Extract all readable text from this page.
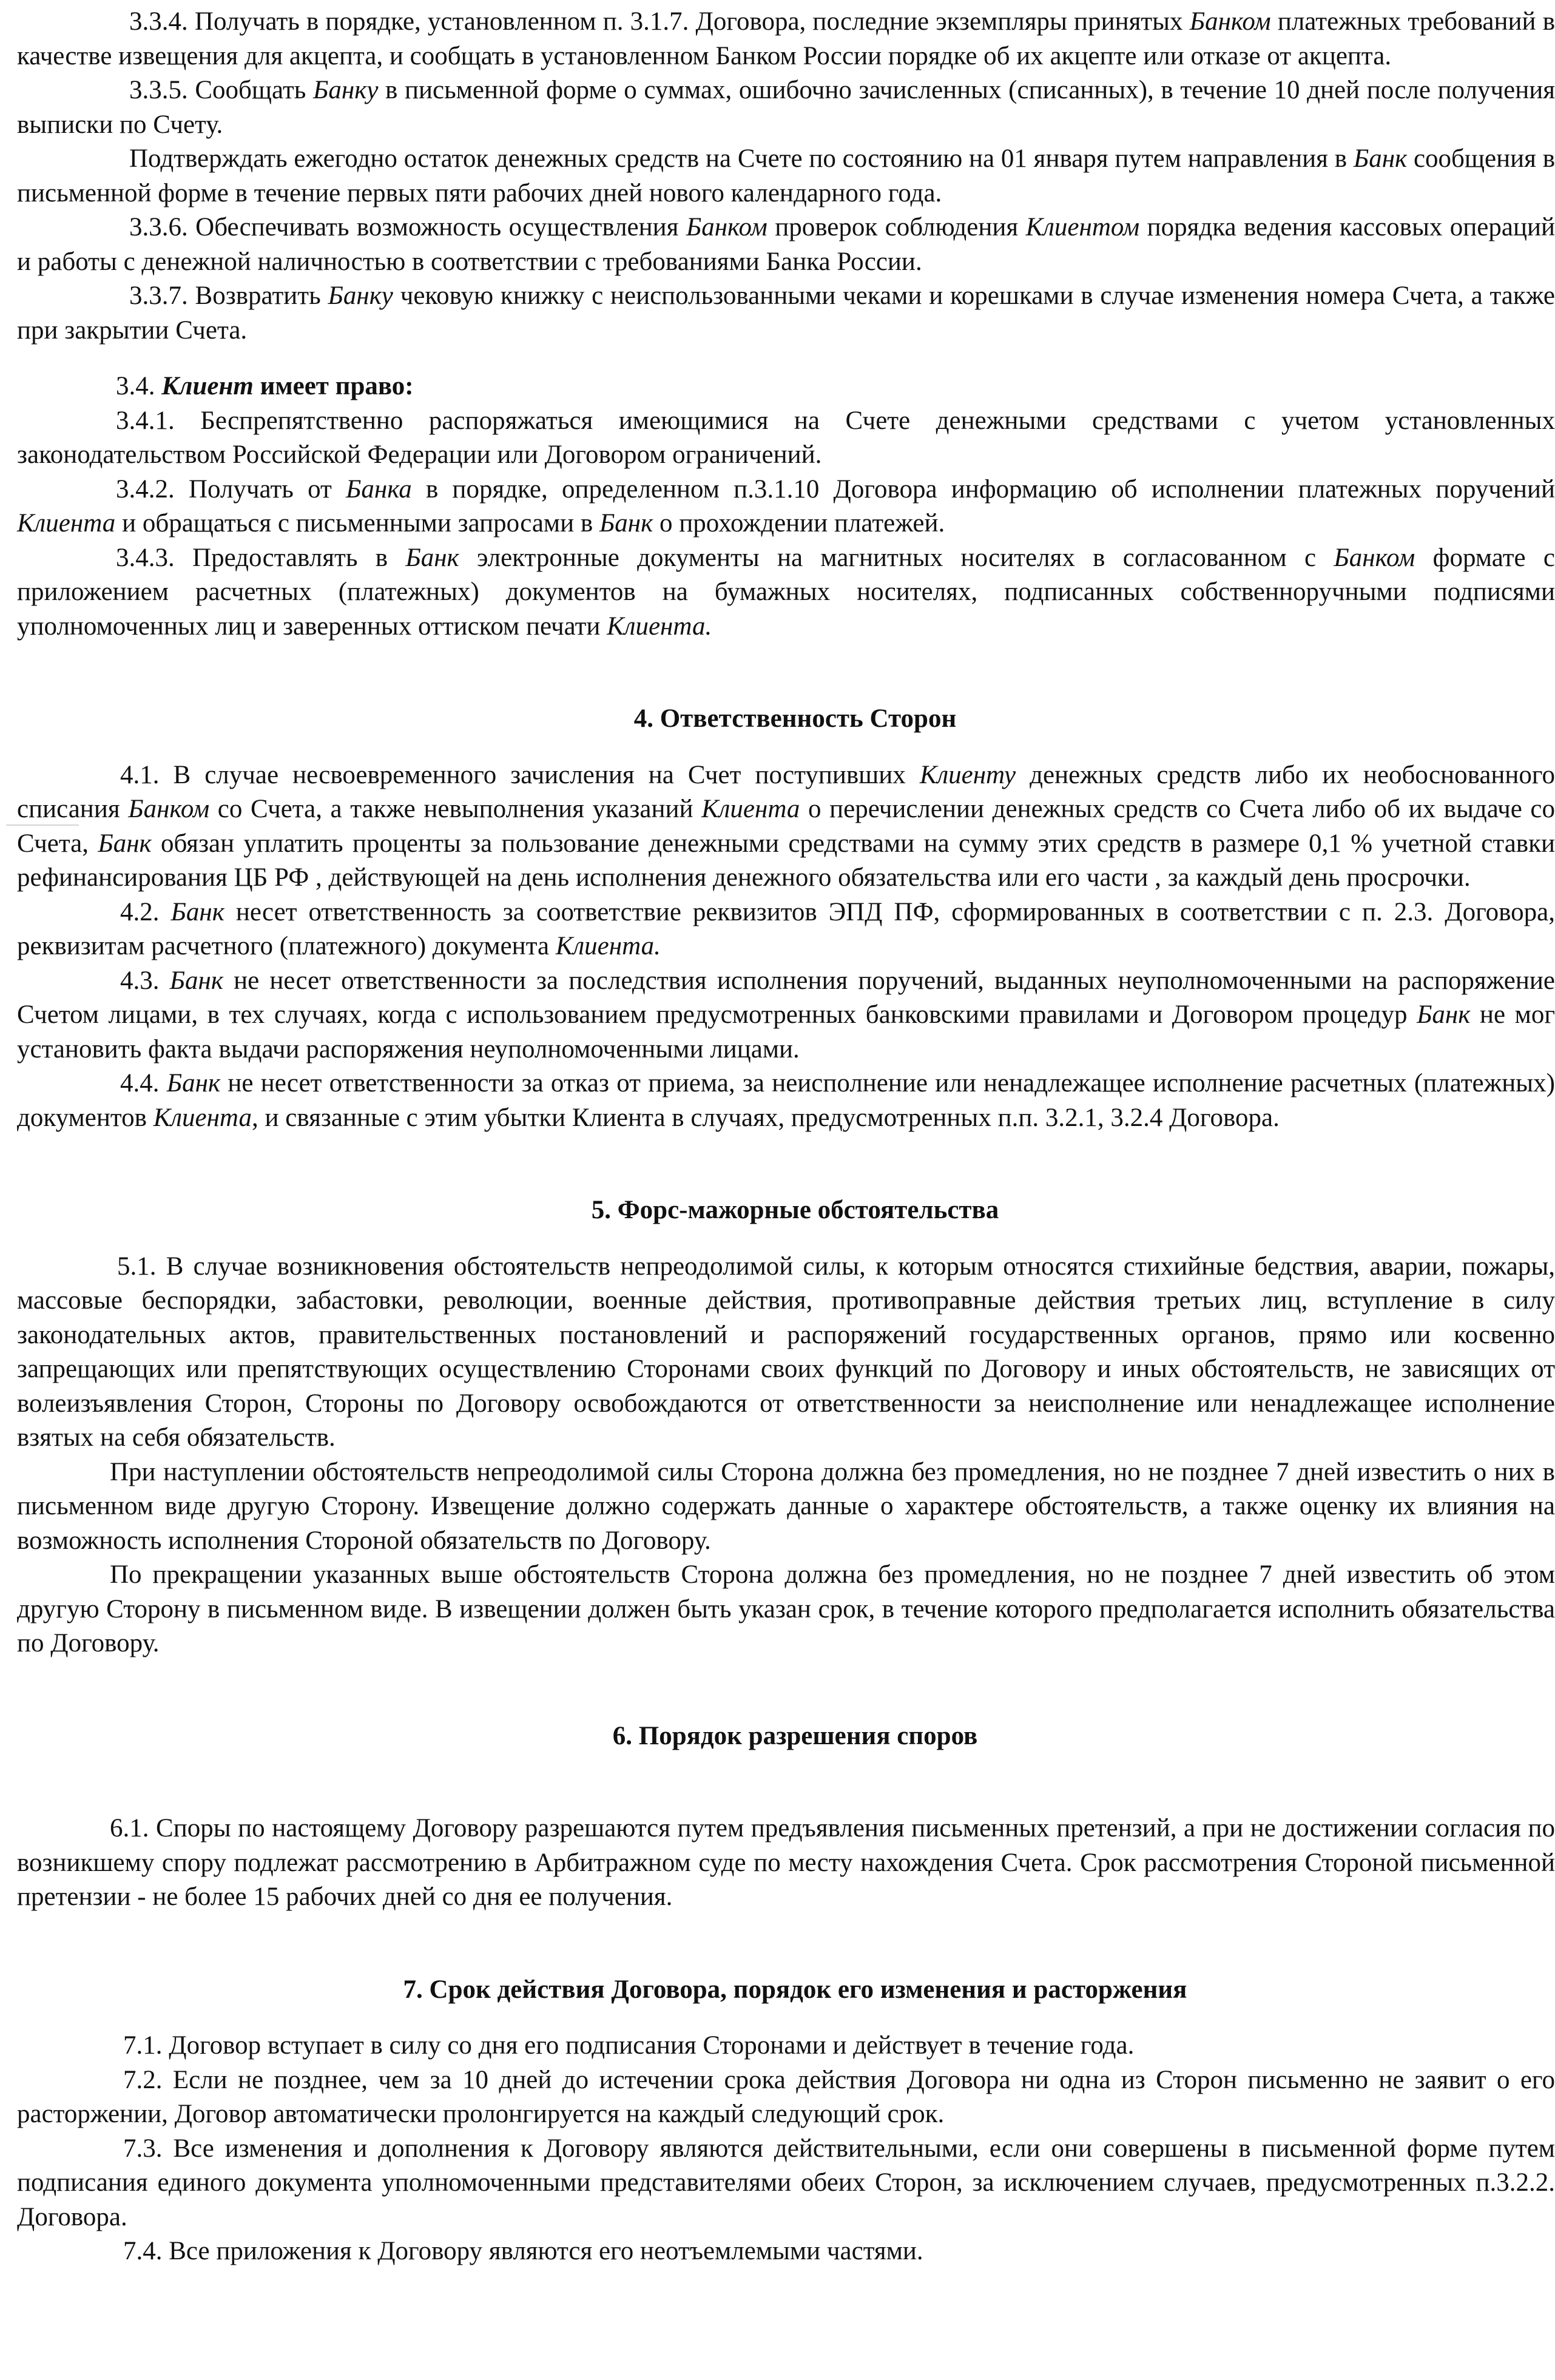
3.3.4. Получать в порядке, установленном п. 3.1.7. Договора, последние экземпляры принятых Банком платежных требований в качестве извещения для акцепта, и сообщать в установленном Банком России порядке об их акцепте или отказе от акцепта.

3.3.5. Сообщать Банку в письменной форме о суммах, ошибочно зачисленных (списанных), в течение 10 дней после получения выписки по Счету.

Подтверждать ежегодно остаток денежных средств на Счете по состоянию на 01 января путем направления в Банк сообщения в письменной форме в течение первых пяти рабочих дней нового календарного года.

3.3.6. Обеспечивать возможность осуществления Банком проверок соблюдения Клиентом порядка ведения кассовых операций и работы с денежной наличностью в соответствии с требованиями Банка России.

3.3.7. Возвратить Банку чековую книжку с неиспользованными чеками и корешками в случае изменения номера Счета, а также при закрытии Счета.

3.4. Клиент имеет право:

3.4.1. Беспрепятственно распоряжаться имеющимися на Счете денежными средствами с учетом установленных законодательством Российской Федерации или Договором ограничений.

3.4.2. Получать от Банка в порядке, определенном п.3.1.10 Договора информацию об исполнении платежных поручений Клиента и обращаться с письменными запросами в Банк о прохождении платежей.

3.4.3. Предоставлять в Банк электронные документы на магнитных носителях в согласованном с Банком формате с приложением расчетных (платежных) документов на бумажных носителях, подписанных собственноручными подписями уполномоченных лиц и заверенных оттиском печати Клиента.

4. Ответственность Сторон

4.1. В случае несвоевременного зачисления на Счет поступивших Клиенту денежных средств либо их необоснованного списания Банком со Счета, а также невыполнения указаний Клиента о перечислении денежных средств со Счета либо об их выдаче со Счета, Банк обязан уплатить проценты за пользование денежными средствами на сумму этих средств в размере 0,1 % учетной ставки рефинансирования ЦБ РФ , действующей на день исполнения денежного обязательства или его части , за каждый день просрочки.

4.2. Банк несет ответственность за соответствие реквизитов ЭПД ПФ, сформированных в соответствии с п. 2.3. Договора, реквизитам расчетного (платежного) документа Клиента.

4.3. Банк не несет ответственности за последствия исполнения поручений, выданных неуполномоченными на распоряжение Счетом лицами, в тех случаях, когда с использованием предусмотренных банковскими правилами и Договором процедур Банк не мог установить факта выдачи распоряжения неуполномоченными лицами.

4.4. Банк не несет ответственности за отказ от приема, за неисполнение или ненадлежащее исполнение расчетных (платежных) документов Клиента, и связанные с этим убытки Клиента в случаях, предусмотренных п.п. 3.2.1, 3.2.4 Договора.

5. Форс-мажорные обстоятельства

5.1. В случае возникновения обстоятельств непреодолимой силы, к которым относятся стихийные бедствия, аварии, пожары, массовые беспорядки, забастовки, революции, военные действия, противоправные действия третьих лиц, вступление в силу законодательных актов, правительственных постановлений и распоряжений государственных органов, прямо или косвенно запрещающих или препятствующих осуществлению Сторонами своих функций по Договору и иных обстоятельств, не зависящих от волеизъявления Сторон, Стороны по Договору освобождаются от ответственности за неисполнение или ненадлежащее исполнение взятых на себя обязательств.

При наступлении обстоятельств непреодолимой силы Сторона должна без промедления, но не позднее 7 дней известить о них в письменном виде другую Сторону. Извещение должно содержать данные о характере обстоятельств, а также оценку их влияния на возможность исполнения Стороной обязательств по Договору.

По прекращении указанных выше обстоятельств Сторона должна без промедления, но не позднее 7 дней известить об этом другую Сторону в письменном виде. В извещении должен быть указан срок, в течение которого предполагается исполнить обязательства по Договору.

6. Порядок разрешения споров

6.1. Споры по настоящему Договору разрешаются путем предъявления письменных претензий, а при не достижении согласия по возникшему спору подлежат рассмотрению в Арбитражном суде по месту нахождения Счета. Срок рассмотрения Стороной письменной претензии - не более 15 рабочих дней со дня ее получения.

7. Срок действия Договора, порядок его изменения и расторжения

7.1. Договор вступает в силу со дня его подписания Сторонами и действует в течение года.

7.2. Если не позднее, чем за 10 дней до истечении срока действия Договора ни одна из Сторон письменно не заявит о его расторжении, Договор автоматически пролонгируется на каждый следующий срок.

7.3. Все изменения и дополнения к Договору являются действительными, если они совершены в письменной форме путем подписания единого документа уполномоченными представителями обеих Сторон, за исключением случаев, предусмотренных п.3.2.2. Договора.

7.4. Все приложения к Договору являются его неотъемлемыми частями.
